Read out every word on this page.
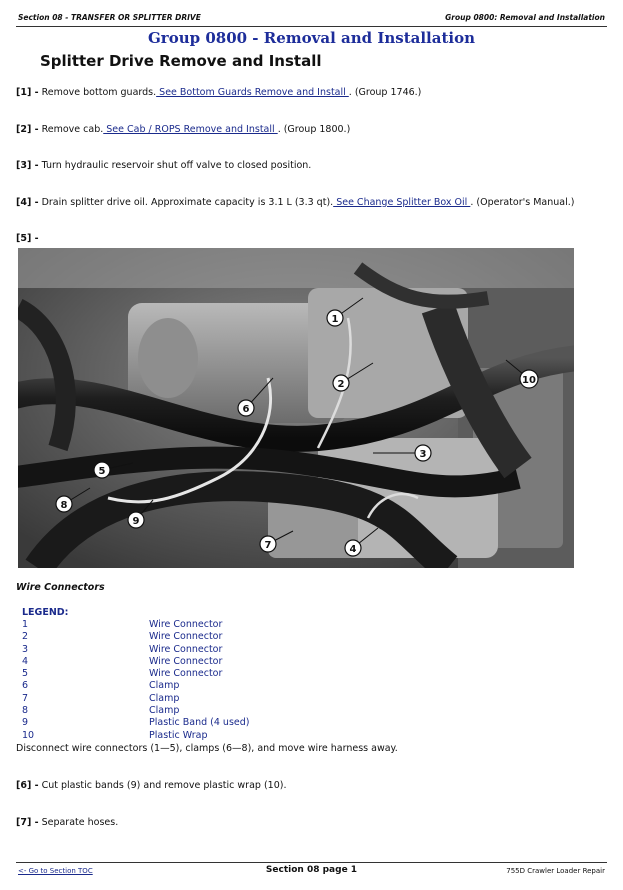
Section 08 - TRANSFER OR SPLITTER DRIVE	Group 0800: Removal and Installation
Group 0800 - Removal and Installation
Splitter Drive Remove and Install
[1] - Remove bottom guards. See Bottom Guards Remove and Install . (Group 1746.)
[2] - Remove cab. See Cab / ROPS Remove and Install . (Group 1800.)
[3] - Turn hydraulic reservoir shut off valve to closed position.
[4] - Drain splitter drive oil. Approximate capacity is 3.1 L (3.3 qt). See Change Splitter Box Oil . (Operator's Manual.)
[5] -
1
2
3
4
5
6
7
8
9
10
Wire Connectors
LEGEND:
1	Wire Connector
2	Wire Connector
3	Wire Connector
4	Wire Connector
5	Wire Connector
6	Clamp
7	Clamp
8	Clamp
9	Plastic Band (4 used)
10	Plastic Wrap
Disconnect wire connectors (1—5), clamps (6—8), and move wire harness away.
[6] - Cut plastic bands (9) and remove plastic wrap (10).
[7] - Separate hoses.
<- Go to Section TOC	Section 08 page 1	755D Crawler Loader Repair
